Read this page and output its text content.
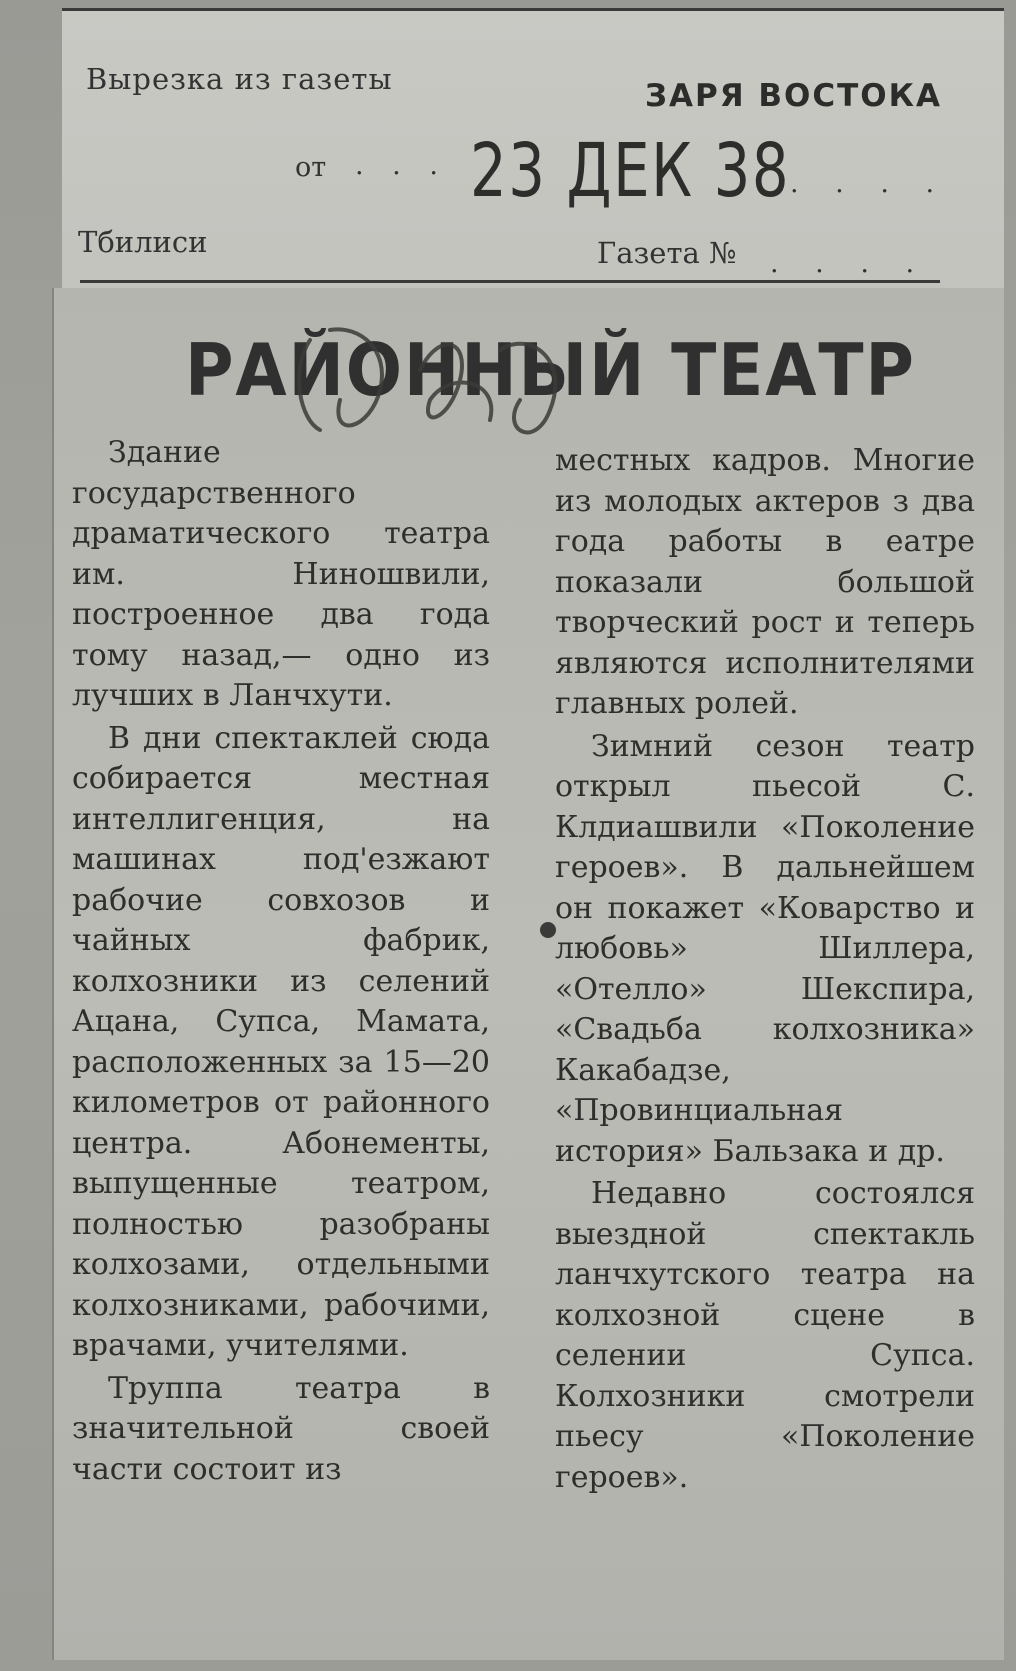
Вырезка из газеты	ЗАРЯ ВОСТОКА
от . . . 23 ДЕК 38 . . . .
Тбилиси	Газета № . . . .
РАЙОННЫЙ ТЕАТР

Здание государственного драматического театра им. Ниношвили, построенное два года тому назад,— одно из лучших в Ланчхути.

В дни спектаклей сюда собирается местная интеллигенция, на машинах под'езжают рабочие совхозов и чайных фабрик, колхозники из селений Ацана, Супса, Мамата, расположенных за 15—20 километров от районного центра. Абонементы, выпущенные театром, полностью разобраны колхозами, отдельными колхозниками, рабочими, врачами, учителями.

Труппа театра в значительной своей части состоит из

местных кадров. Многие из молодых актеров з два года работы в еатре показали большой творческий рост и теперь являются исполнителями главных ролей.

Зимний сезон театр открыл пьесой С. Клдиашвили «Поколение героев». В дальнейшем он покажет «Коварство и любовь» Шиллера, «Отелло» Шекспира, «Свадьба колхозника» Какабадзе, «Провинциальная история» Бальзака и др.

Недавно состоялся выездной спектакль ланчхутского театра на колхозной сцене в селении Супса. Колхозники смотрели пьесу «Поколение героев».
